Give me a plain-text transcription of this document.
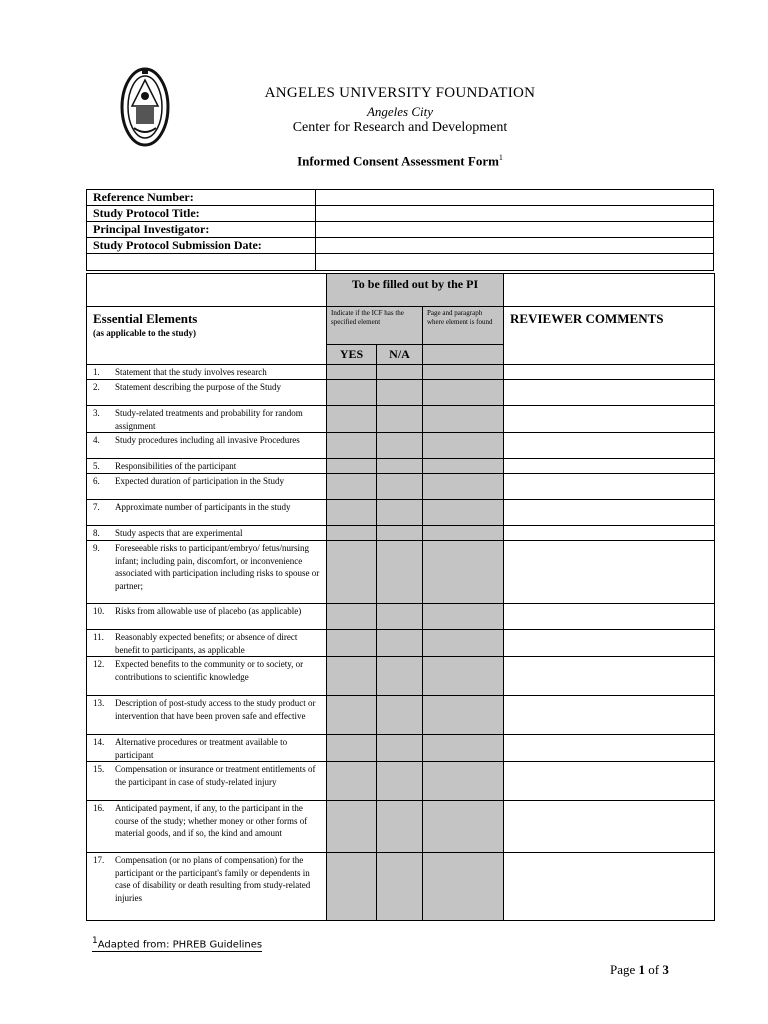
ANGELES UNIVERSITY FOUNDATION
Angeles City
Center for Research and Development
Informed Consent Assessment Form$^1$
Reference Number:	
Study Protocol Title:	
Principal Investigator:	
Study Protocol Submission Date:	

	To be filled out by the PI			
Essential Elements
(as applicable to the study)	Indicate if the ICF has the specified element		Page and paragraph where element is found	REVIEWER COMMENTS
	YES	N/A		
1. Statement that the study involves research				
2. Statement describing the purpose of the Study				
3. Study-related treatments and probability for random assignment				
4. Study procedures including all invasive Procedures				
5. Responsibilities of the participant				
6. Expected duration of participation in the Study				
7. Approximate number of participants in the study				
8. Study aspects that are experimental				
9. Foreseeable risks to participant/embryo/ fetus/nursing infant; including pain, discomfort, or inconvenience associated with participation including risks to spouse or partner;				
10. Risks from allowable use of placebo (as applicable)				
11. Reasonably expected benefits; or absence of direct benefit to participants, as applicable				
12. Expected benefits to the community or to society, or contributions to scientific knowledge				
13. Description of post-study access to the study product or intervention that have been proven safe and effective				
14. Alternative procedures or treatment available to participant				
15. Compensation or insurance or treatment entitlements of the participant in case of study-related injury				
16. Anticipated payment, if any, to the participant in the course of the study; whether money or other forms of material goods, and if so, the kind and amount				
17. Compensation (or no plans of compensation) for the participant or the participant's family or dependents in case of disability or death resulting from study-related injuries				
$^1$Adapted from: PHREB Guidelines
Page 1 of 3
